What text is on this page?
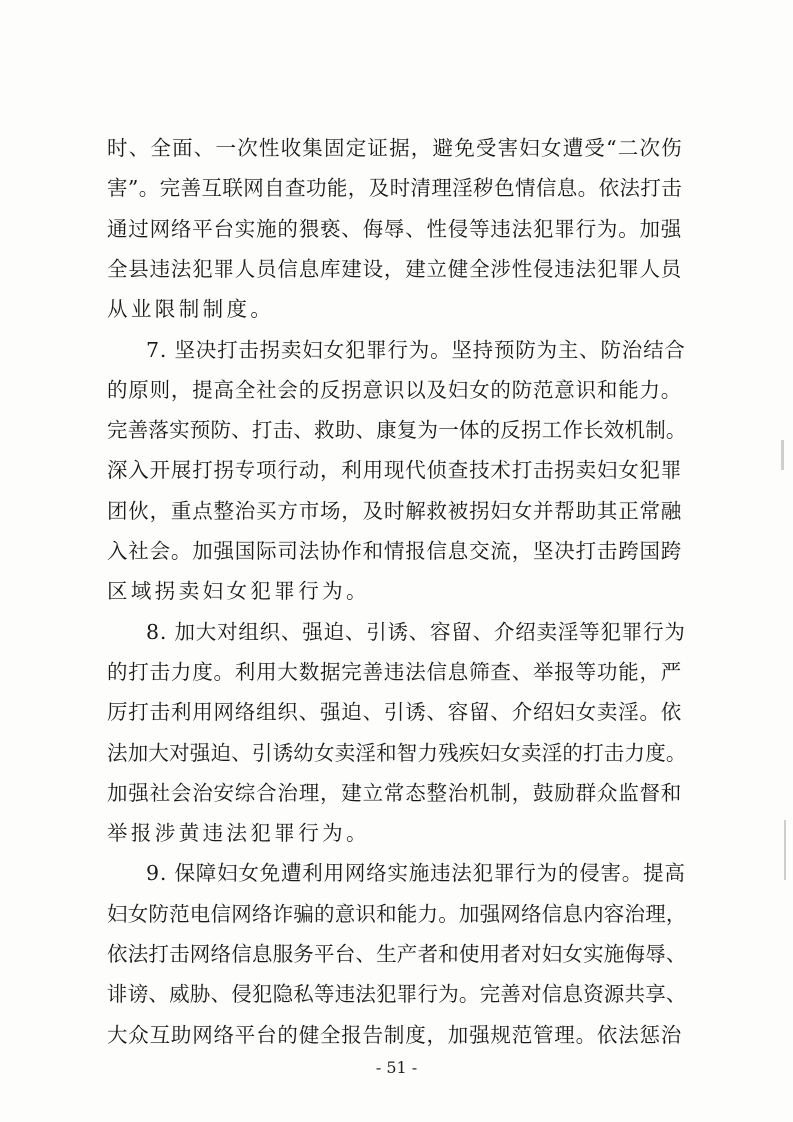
时、全面、一次性收集固定证据，避免受害妇女遭受“二次伤
害”。完善互联网自查功能，及时清理淫秽色情信息。依法打击
通过网络平台实施的猥亵、侮辱、性侵等违法犯罪行为。加强
全县违法犯罪人员信息库建设，建立健全涉性侵违法犯罪人员
从业限制制度。
7. 坚决打击拐卖妇女犯罪行为。坚持预防为主、防治结合
的原则，提高全社会的反拐意识以及妇女的防范意识和能力。
完善落实预防、打击、救助、康复为一体的反拐工作长效机制。
深入开展打拐专项行动，利用现代侦查技术打击拐卖妇女犯罪
团伙，重点整治买方市场，及时解救被拐妇女并帮助其正常融
入社会。加强国际司法协作和情报信息交流，坚决打击跨国跨
区域拐卖妇女犯罪行为。
8. 加大对组织、强迫、引诱、容留、介绍卖淫等犯罪行为
的打击力度。利用大数据完善违法信息筛查、举报等功能，严
厉打击利用网络组织、强迫、引诱、容留、介绍妇女卖淫。依
法加大对强迫、引诱幼女卖淫和智力残疾妇女卖淫的打击力度。
加强社会治安综合治理，建立常态整治机制，鼓励群众监督和
举报涉黄违法犯罪行为。
9. 保障妇女免遭利用网络实施违法犯罪行为的侵害。提高
妇女防范电信网络诈骗的意识和能力。加强网络信息内容治理，
依法打击网络信息服务平台、生产者和使用者对妇女实施侮辱、
诽谤、威胁、侵犯隐私等违法犯罪行为。完善对信息资源共享、
大众互助网络平台的健全报告制度，加强规范管理。依法惩治
- 51 -
